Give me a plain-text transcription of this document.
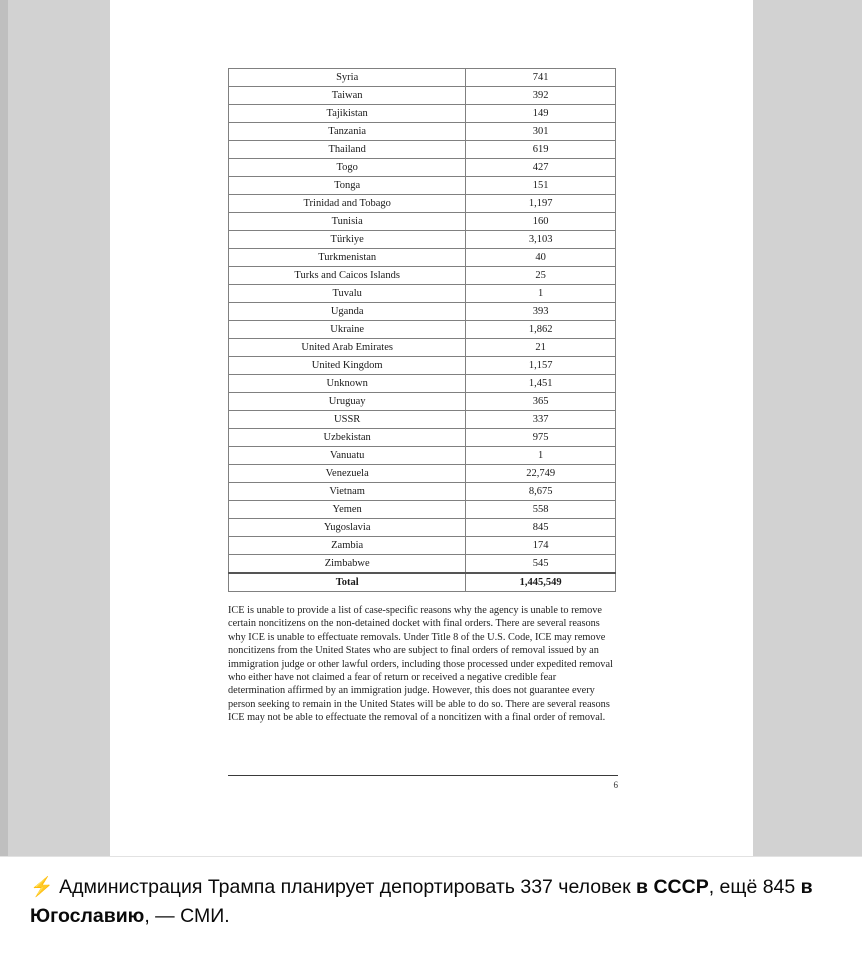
Syria	741
Taiwan	392
Tajikistan	149
Tanzania	301
Thailand	619
Togo	427
Tonga	151
Trinidad and Tobago	1,197
Tunisia	160
Türkiye	3,103
Turkmenistan	40
Turks and Caicos Islands	25
Tuvalu	1
Uganda	393
Ukraine	1,862
United Arab Emirates	21
United Kingdom	1,157
Unknown	1,451
Uruguay	365
USSR	337
Uzbekistan	975
Vanuatu	1
Venezuela	22,749
Vietnam	8,675
Yemen	558
Yugoslavia	845
Zambia	174
Zimbabwe	545
Total	1,445,549

ICE is unable to provide a list of case-specific reasons why the agency is unable to remove certain noncitizens on the non-detained docket with final orders. There are several reasons why ICE is unable to effectuate removals. Under Title 8 of the U.S. Code, ICE may remove noncitizens from the United States who are subject to final orders of removal issued by an immigration judge or other lawful orders, including those processed under expedited removal who either have not claimed a fear of return or received a negative credible fear determination affirmed by an immigration judge. However, this does not guarantee every person seeking to remain in the United States will be able to do so. There are several reasons ICE may not be able to effectuate the removal of a noncitizen with a final order of removal.

6
⚡ Администрация Трампа планирует депортировать 337 человек в СССР, ещё 845 в Югославию, — СМИ.
